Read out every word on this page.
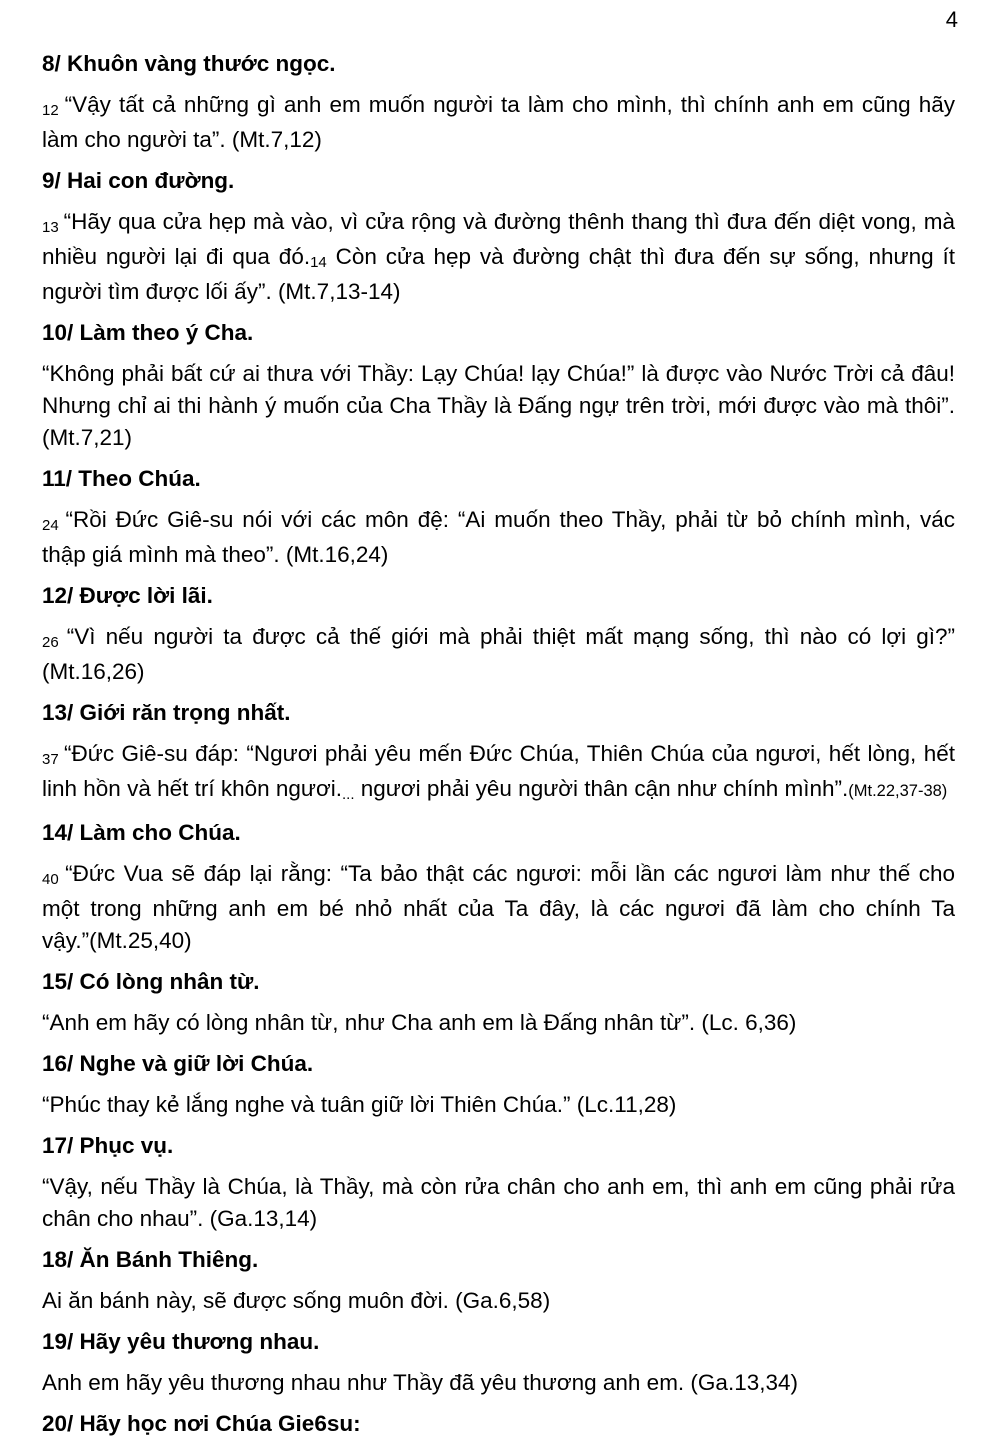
4
8/ Khuôn vàng thước ngọc.

12 “Vậy tất cả những gì anh em muốn người ta làm cho mình, thì chính anh em cũng hãy làm cho người ta”. (Mt.7,12)

9/ Hai con đường.

13 “Hãy qua cửa hẹp mà vào, vì cửa rộng và đường thênh thang thì đưa đến diệt vong, mà nhiều người lại đi qua đó.14 Còn cửa hẹp và đường chật thì đưa đến sự sống, nhưng ít người tìm được lối ấy”. (Mt.7,13-14)

10/ Làm theo ý Cha.

“Không phải bất cứ ai thưa với Thầy: Lạy Chúa! lạy Chúa!” là được vào Nước Trời cả đâu! Nhưng chỉ ai thi hành ý muốn của Cha Thầy là Đấng ngự trên trời, mới được vào mà thôi”. (Mt.7,21)

11/ Theo Chúa.

24 “Rồi Đức Giê-su nói với các môn đệ: “Ai muốn theo Thầy, phải từ bỏ chính mình, vác thập giá mình mà theo”. (Mt.16,24)

12/ Được lời lãi.

26 “Vì nếu người ta được cả thế giới mà phải thiệt mất mạng sống, thì nào có lợi gì?” (Mt.16,26)

13/ Giới răn trọng nhất.

37 “Đức Giê-su đáp: “Ngươi phải yêu mến Đức Chúa, Thiên Chúa của ngươi, hết lòng, hết linh hồn và hết trí khôn ngươi.... ngươi phải yêu người thân cận như chính mình”.(Mt.22,37-38)

14/ Làm cho Chúa.

40 “Đức Vua sẽ đáp lại rằng: “Ta bảo thật các ngươi: mỗi lần các ngươi làm như thế cho một trong những anh em bé nhỏ nhất của Ta đây, là các ngươi đã làm cho chính Ta vậy.”(Mt.25,40)

15/ Có lòng nhân từ.

“Anh em hãy có lòng nhân từ, như Cha anh em là Đấng nhân từ”. (Lc. 6,36)

16/ Nghe và giữ lời Chúa.

“Phúc thay kẻ lắng nghe và tuân giữ lời Thiên Chúa.” (Lc.11,28)

17/ Phục vụ.

“Vậy, nếu Thầy là Chúa, là Thầy, mà còn rửa chân cho anh em, thì anh em cũng phải rửa chân cho nhau”. (Ga.13,14)

18/ Ăn Bánh Thiêng.

Ai ăn bánh này, sẽ được sống muôn đời. (Ga.6,58)

19/ Hãy yêu thương nhau.

Anh em hãy yêu thương nhau như Thầy đã yêu thương anh em. (Ga.13,34)

20/ Hãy học nơi Chúa Gie6su:
